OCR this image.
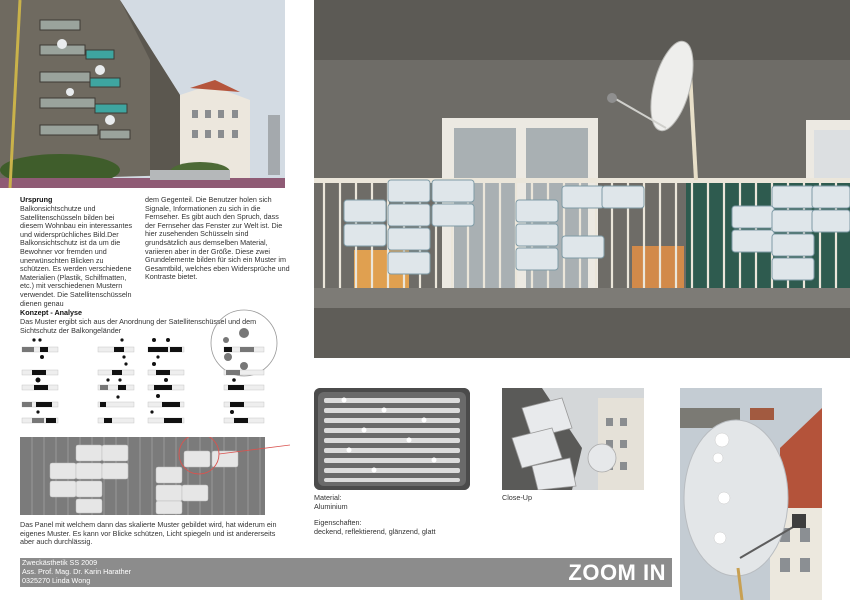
Ursprung
Balkonsichtschutze und Satellitenschüsseln bilden bei diesem Wohnbau ein interessantes und widersprüchliches Bild.Der Balkonsichtschutz ist da um die Bewohner vor fremden und unerwünschten Blicken zu schützen. Es werden verschiedene Materialien (Plastik, Schilfmatten, etc.) mit verschiedenen Mustern verwendet. Die Satellitenschüsseln dienen genau
dem Gegenteil. Die Benutzer holen sich Signale, Informationen zu sich in die Fernseher. Es gibt auch den Spruch, dass der Fernseher das Fenster zur Welt ist. Die hier zusehenden Schüsseln sind grundsätzlich aus demselben Material, variieren aber in der Größe. Diese zwei Grundelemente bilden für sich ein Muster im Gesamtbild, welches eben Widersprüche und Kontraste bietet.
Konzept - Analyse
Das Muster ergibt sich aus der Anordnung der Satellitenschüssel und dem Sichtschutz der Balkongeländer
Das Panel mit welchem dann das skalierte Muster gebildet wird, hat widerum ein eigenes Muster. Es kann vor Blicke schützen, Licht spiegeln und ist andererseits aber auch durchlässig.
Material:
Aluminium
Eigenschaften:
deckend, reflektierend, glänzend, glatt
Close-Up
Zweckästhetik SS 2009
Ass. Prof. Mag. Dr. Karin Harather
0325270 Linda Wong	ZOOM IN
